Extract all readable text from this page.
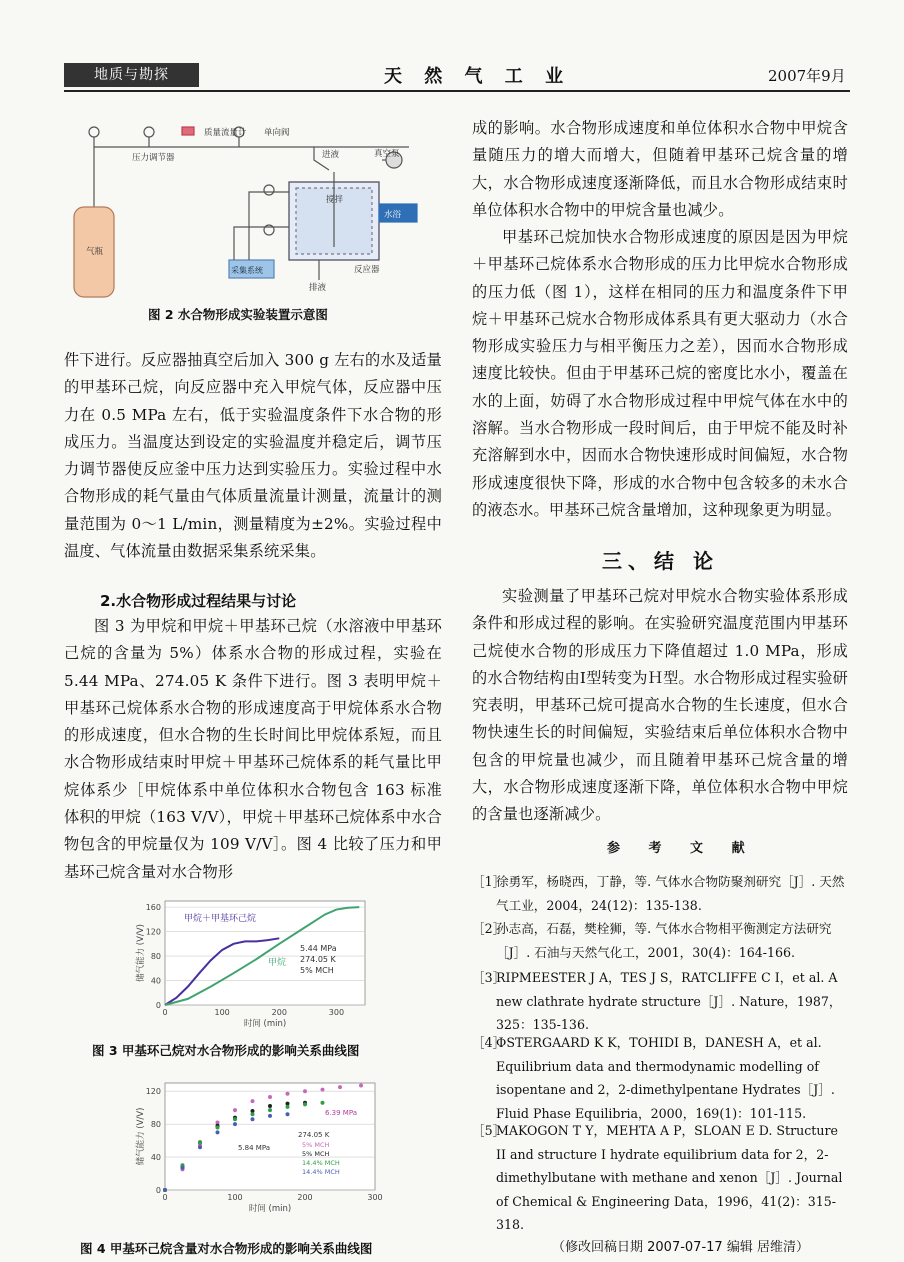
地质与勘探	天 然 气 工 业	2007年9月
压力调节器
质量流量计 单向阀
进液	真空泵
搅拌
水浴
气瓶
采集系统	反应器
排液
图 2 水合物形成实验装置示意图
件下进行。反应器抽真空后加入 300 g 左右的水及适量的甲基环己烷，向反应器中充入甲烷气体，反应器中压力在 0.5 MPa 左右，低于实验温度条件下水合物的形成压力。当温度达到设定的实验温度并稳定后，调节压力调节器使反应釜中压力达到实验压力。实验过程中水合物形成的耗气量由气体质量流量计测量，流量计的测量范围为 0～1 L/min，测量精度为±2%。实验过程中温度、气体流量由数据采集系统采集。
2.水合物形成过程结果与讨论
图 3 为甲烷和甲烷＋甲基环己烷（水溶液中甲基环己烷的含量为 5%）体系水合物的形成过程，实验在 5.44 MPa、274.05 K 条件下进行。图 3 表明甲烷＋甲基环己烷体系水合物的形成速度高于甲烷体系水合物的形成速度，但水合物的生长时间比甲烷体系短，而且水合物形成结束时甲烷＋甲基环己烷体系的耗气量比甲烷体系少［甲烷体系中单位体积水合物包含 163 标准体积的甲烷（163 V/V），甲烷＋甲基环己烷体系中水合物包含的甲烷量仅为 109 V/V］。图 4 比较了压力和甲基环己烷含量对水合物形
0
40
80
120
160
0	100	200	300
时间 (min)
储气能力 (V/V)
甲烷＋甲基环己烷
甲烷
5.44 MPa
274.05 K
5% MCH
图 3 甲基环己烷对水合物形成的影响关系曲线图
0
40
80
120
0	100	200	300
时间 (min)
储气能力 (V/V)	6.39 MPa
5.84 MPa
274.05 K
5% MCH
5% MCH
14.4% MCH
14.4% MCH
图 4 甲基环己烷含量对水合物形成的影响关系曲线图
成的影响。水合物形成速度和单位体积水合物中甲烷含量随压力的增大而增大，但随着甲基环己烷含量的增大，水合物形成速度逐渐降低，而且水合物形成结束时单位体积水合物中的甲烷含量也减少。
甲基环己烷加快水合物形成速度的原因是因为甲烷＋甲基环己烷体系水合物形成的压力比甲烷水合物形成的压力低（图 1），这样在相同的压力和温度条件下甲烷＋甲基环己烷水合物形成体系具有更大驱动力（水合物形成实验压力与相平衡压力之差），因而水合物形成速度比较快。但由于甲基环己烷的密度比水小，覆盖在水的上面，妨碍了水合物形成过程中甲烷气体在水中的溶解。当水合物形成一段时间后，由于甲烷不能及时补充溶解到水中，因而水合物快速形成时间偏短，水合物形成速度很快下降，形成的水合物中包含较多的未水合的液态水。甲基环己烷含量增加，这种现象更为明显。
三、结 论
实验测量了甲基环己烷对甲烷水合物实验体系形成条件和形成过程的影响。在实验研究温度范围内甲基环己烷使水合物的形成压力下降值超过 1.0 MPa，形成的水合物结构由Ⅰ型转变为Ｈ型。水合物形成过程实验研究表明，甲基环己烷可提高水合物的生长速度，但水合物快速生长的时间偏短，实验结束后单位体积水合物中包含的甲烷量也减少，而且随着甲基环己烷含量的增大，水合物形成速度逐渐下降，单位体积水合物中甲烷的含量也逐渐减少。
参 考 文 献
［1］
徐勇军，杨晓西，丁静，等. 气体水合物防聚剂研究［J］. 天然气工业，2004，24(12)：135-138.
［2］
孙志高，石磊，樊栓狮，等. 气体水合物相平衡测定方法研究［J］. 石油与天然气化工，2001，30(4)：164-166.
［3］
RIPMEESTER J A，TES J S，RATCLIFFE C I，et al. A new clathrate hydrate structure［J］. Nature，1987，325：135-136.
［4］
ΦSTERGAARD K K，TOHIDI B，DANESH A，et al. Equilibrium data and thermodynamic modelling of isopentane and 2，2-dimethylpentane Hydrates［J］. Fluid Phase Equilibria，2000，169(1)：101-115.
［5］
MAKOGON T Y，MEHTA A P，SLOAN E D. Structure II and structure I hydrate equilibrium data for 2，2-dimethylbutane with methane and xenon［J］. Journal of Chemical & Engineering Data，1996，41(2)：315-318.
（修改回稿日期 2007-07-17 编辑 居维清）
